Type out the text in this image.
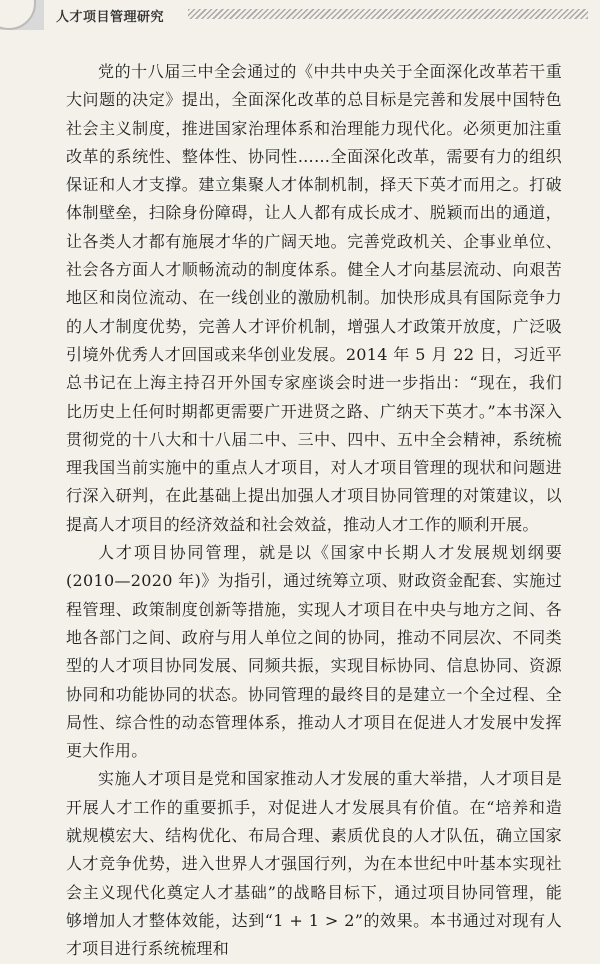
人才项目管理研究

党的十八届三中全会通过的《中共中央关于全面深化改革若干重大问题的决定》提出，全面深化改革的总目标是完善和发展中国特色社会主义制度，推进国家治理体系和治理能力现代化。必须更加注重改革的系统性、整体性、协同性……全面深化改革，需要有力的组织保证和人才支撑。建立集聚人才体制机制，择天下英才而用之。打破体制壁垒，扫除身份障碍，让人人都有成长成才、脱颖而出的通道，让各类人才都有施展才华的广阔天地。完善党政机关、企事业单位、社会各方面人才顺畅流动的制度体系。健全人才向基层流动、向艰苦地区和岗位流动、在一线创业的激励机制。加快形成具有国际竞争力的人才制度优势，完善人才评价机制，增强人才政策开放度，广泛吸引境外优秀人才回国或来华创业发展。2014 年 5 月 22 日，习近平总书记在上海主持召开外国专家座谈会时进一步指出：“现在，我们比历史上任何时期都更需要广开进贤之路、广纳天下英才。”本书深入贯彻党的十八大和十八届二中、三中、四中、五中全会精神，系统梳理我国当前实施中的重点人才项目，对人才项目管理的现状和问题进行深入研判，在此基础上提出加强人才项目协同管理的对策建议，以提高人才项目的经济效益和社会效益，推动人才工作的顺利开展。

人才项目协同管理，就是以《国家中长期人才发展规划纲要(2010—2020 年)》为指引，通过统筹立项、财政资金配套、实施过程管理、政策制度创新等措施，实现人才项目在中央与地方之间、各地各部门之间、政府与用人单位之间的协同，推动不同层次、不同类型的人才项目协同发展、同频共振，实现目标协同、信息协同、资源协同和功能协同的状态。协同管理的最终目的是建立一个全过程、全局性、综合性的动态管理体系，推动人才项目在促进人才发展中发挥更大作用。

实施人才项目是党和国家推动人才发展的重大举措，人才项目是开展人才工作的重要抓手，对促进人才发展具有价值。在“培养和造就规模宏大、结构优化、布局合理、素质优良的人才队伍，确立国家人才竞争优势，进入世界人才强国行列，为在本世纪中叶基本实现社会主义现代化奠定人才基础”的战略目标下，通过项目协同管理，能够增加人才整体效能，达到“1 + 1 > 2”的效果。本书通过对现有人才项目进行系统梳理和
